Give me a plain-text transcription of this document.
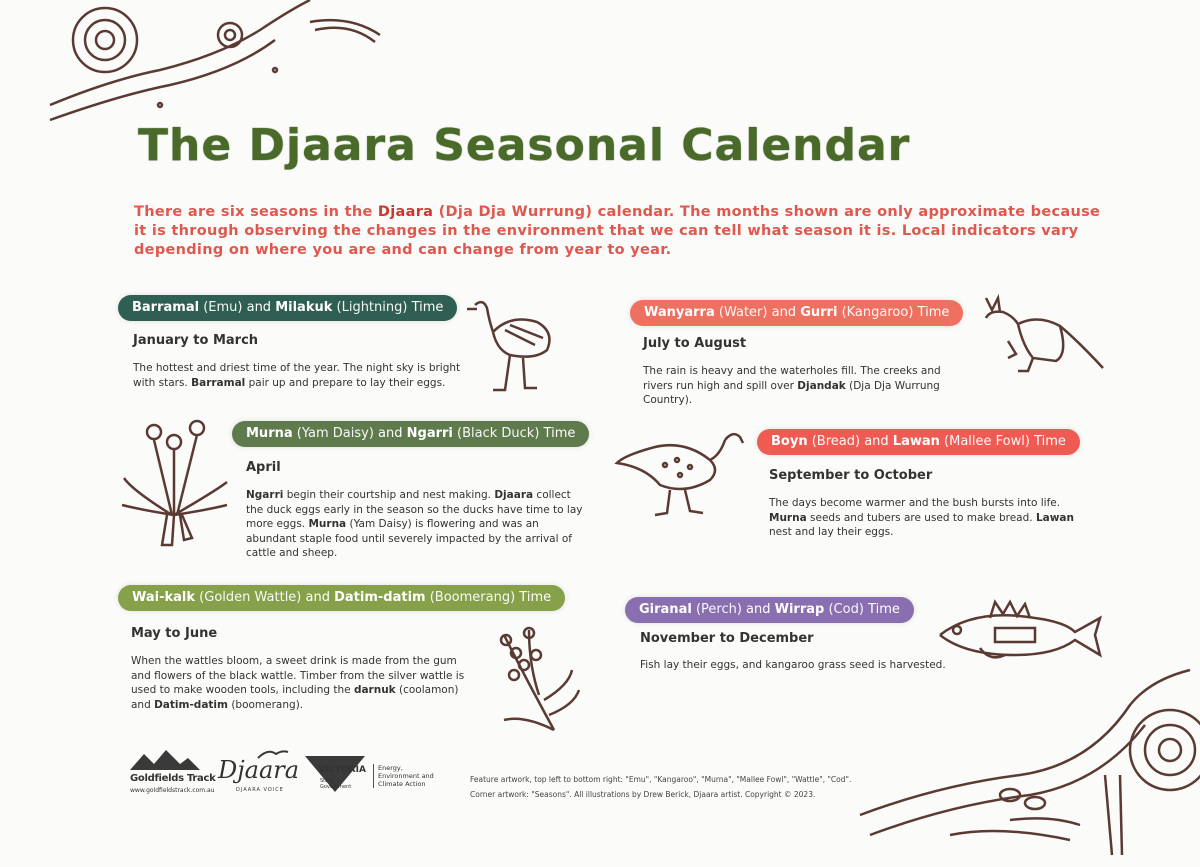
The Djaara Seasonal Calendar
There are six seasons in the Djaara (Dja Dja Wurrung) calendar. The months shown are only approximate because it is through observing the changes in the environment that we can tell what season it is. Local indicators vary depending on where you are and can change from year to year.
Barramal (Emu) and Milakuk (Lightning) Time
January to March
The hottest and driest time of the year. The night sky is bright with stars. Barramal pair up and prepare to lay their eggs.
Murna (Yam Daisy) and Ngarri (Black Duck) Time
April
Ngarri begin their courtship and nest making. Djaara collect the duck eggs early in the season so the ducks have time to lay more eggs. Murna (Yam Daisy) is flowering and was an abundant staple food until severely impacted by the arrival of cattle and sheep.
Wai-kalk (Golden Wattle) and Datim-datim (Boomerang) Time
May to June
When the wattles bloom, a sweet drink is made from the gum and flowers of the black wattle. Timber from the silver wattle is used to make wooden tools, including the darnuk (coolamon) and Datim-datim (boomerang).
Wanyarra (Water) and Gurri (Kangaroo) Time
July to August
The rain is heavy and the waterholes fill. The creeks and rivers run high and spill over Djandak (Dja Dja Wurrung Country).
Boyn (Bread) and Lawan (Mallee Fowl) Time
September to October
The days become warmer and the bush bursts into life. Murna seeds and tubers are used to make bread. Lawan nest and lay their eggs.
Giranal (Perch) and Wirrap (Cod) Time
November to December
Fish lay their eggs, and kangaroo grass seed is harvested.
Goldfields Track
www.goldfieldstrack.com.au
Djaara
DJAARA VOICE
VICTORIA
State Government
Energy, Environment and Climate Action	Feature artwork, top left to bottom right: "Emu", "Kangaroo", "Murna", "Mallee Fowl", "Wattle", "Cod".
Corner artwork: "Seasons". All illustrations by Drew Berick, Djaara artist. Copyright © 2023.
